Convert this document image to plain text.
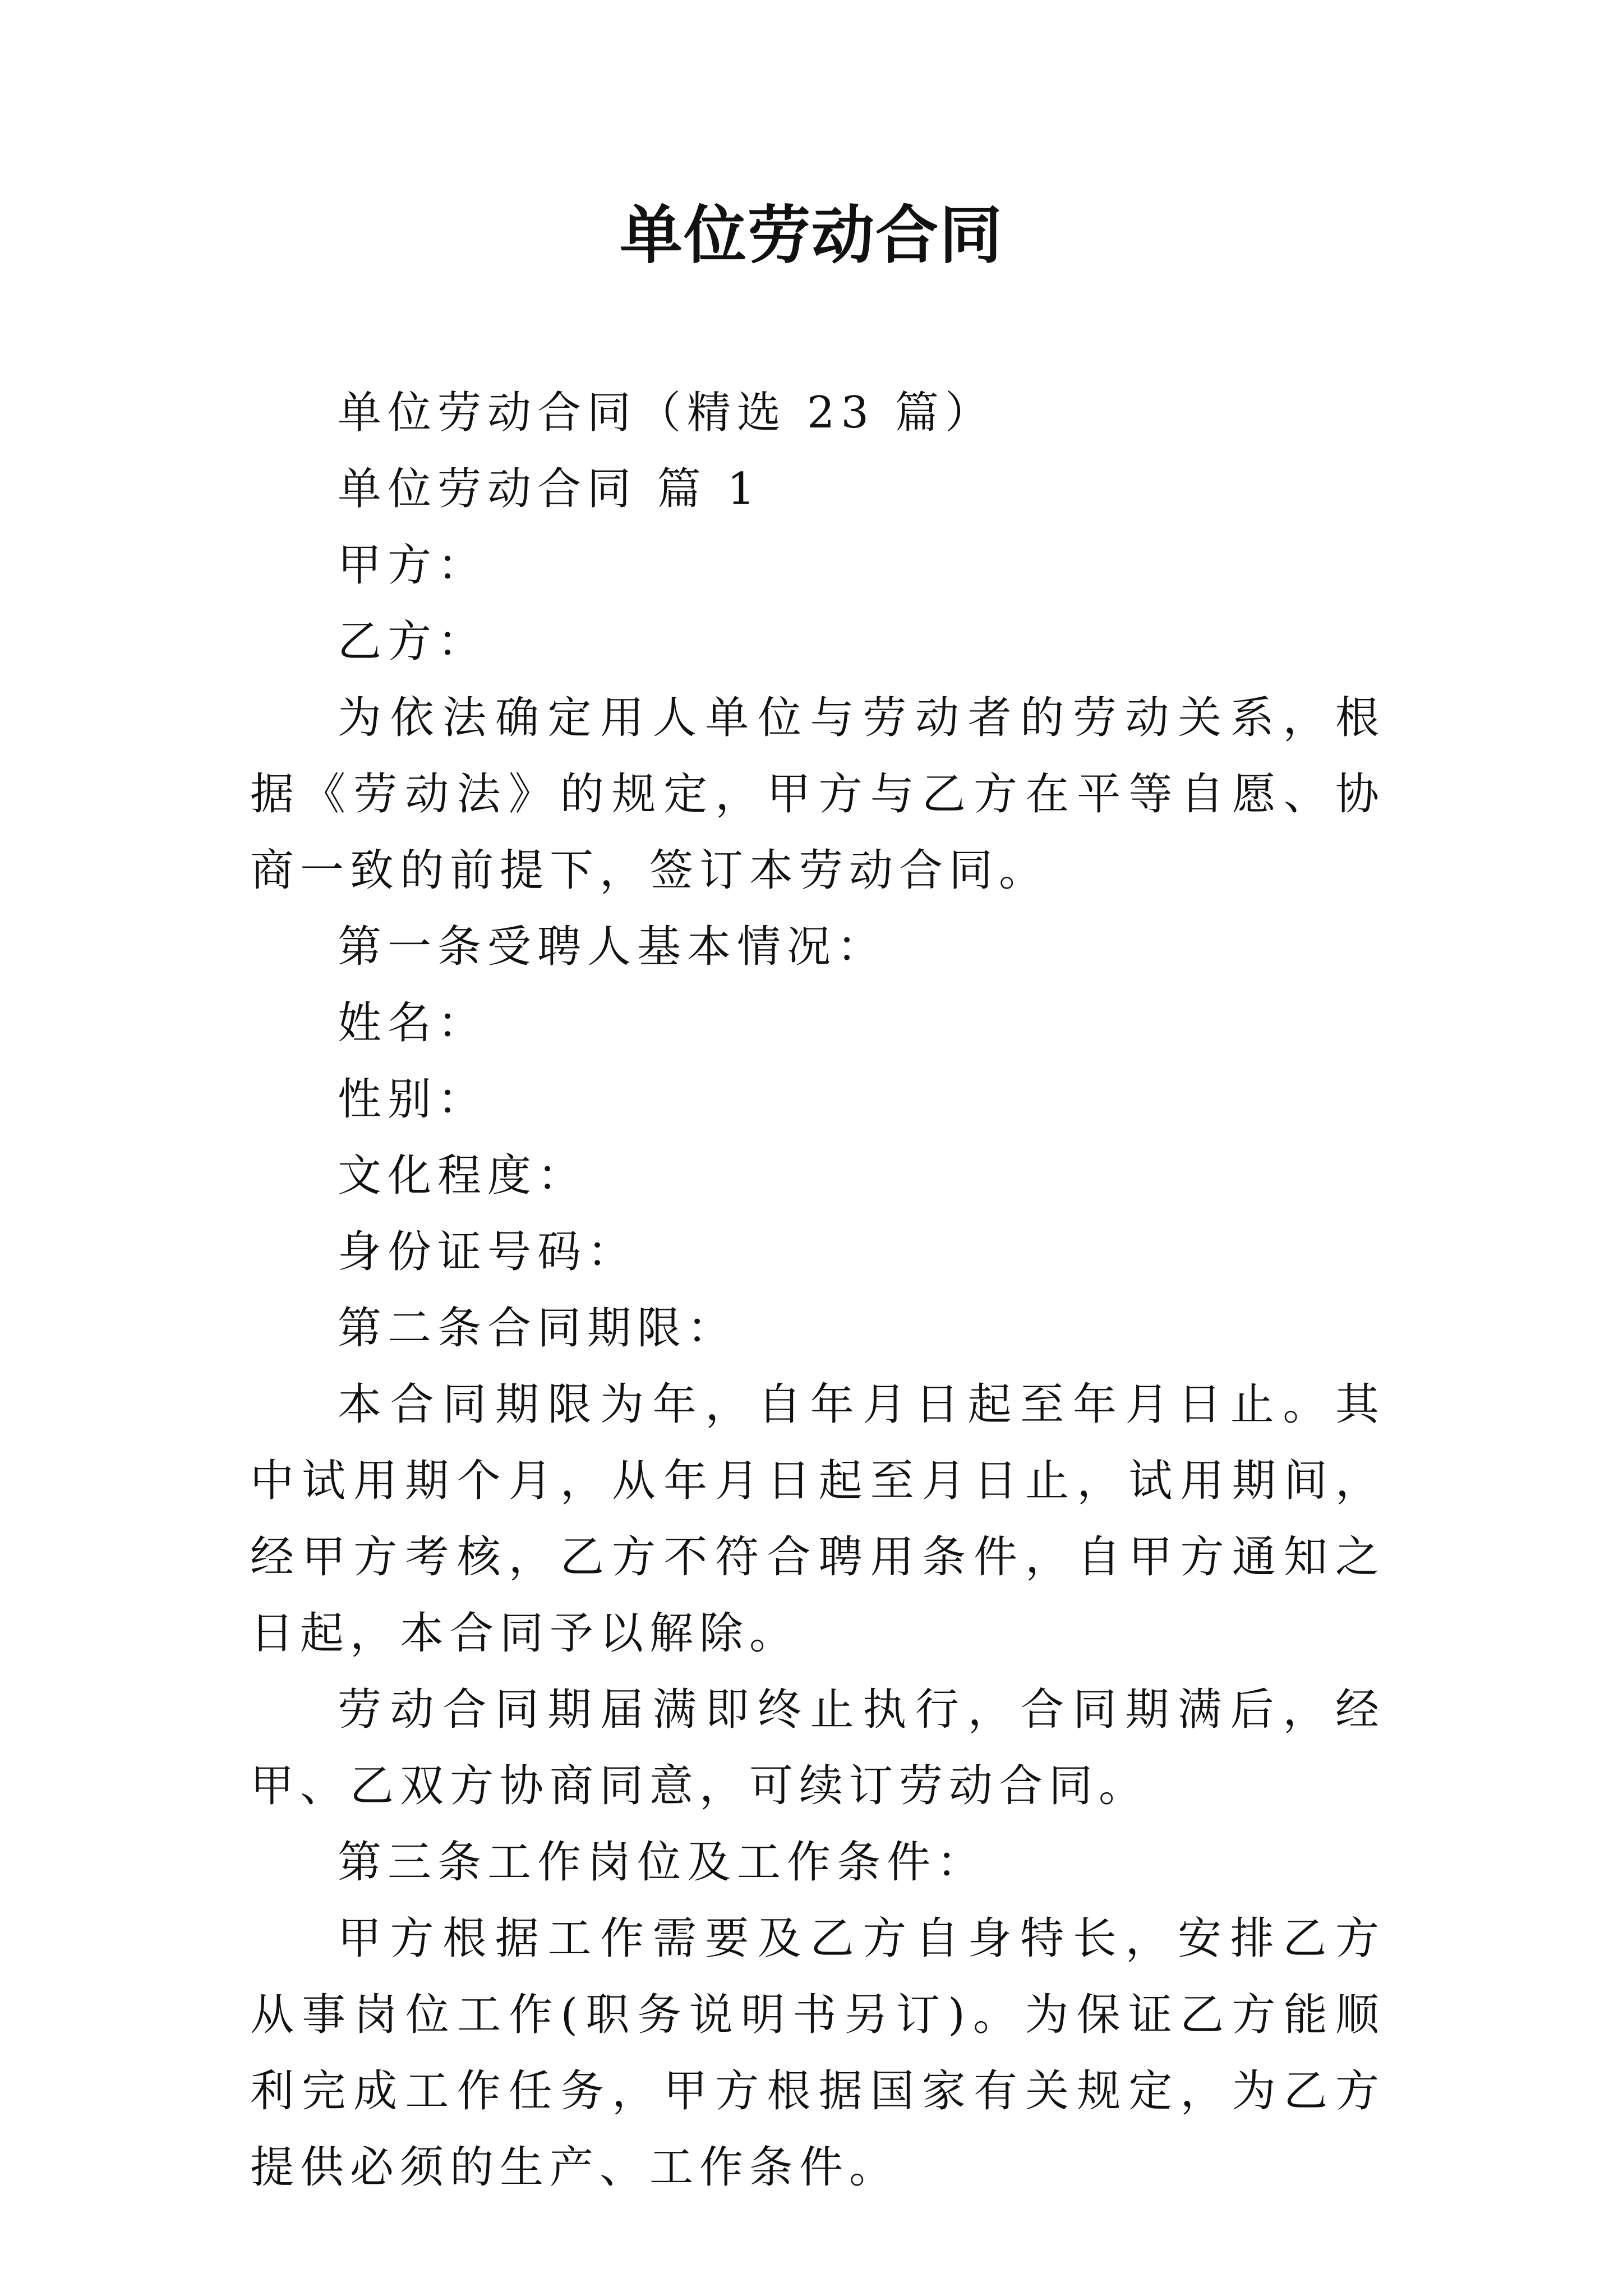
单位劳动合同

单位劳动合同（精选 23 篇）

单位劳动合同 篇 1

甲方：

乙方：

为依法确定用人单位与劳动者的劳动关系，根据《劳动法》的规定，甲方与乙方在平等自愿、协商一致的前提下，签订本劳动合同。

第一条受聘人基本情况：

姓名：

性别：

文化程度：

身份证号码：

第二条合同期限：

本合同期限为年，自年月日起至年月日止。其中试用期个月，从年月日起至月日止，试用期间，经甲方考核，乙方不符合聘用条件，自甲方通知之日起，本合同予以解除。

劳动合同期届满即终止执行，合同期满后，经甲、乙双方协商同意，可续订劳动合同。

第三条工作岗位及工作条件：

甲方根据工作需要及乙方自身特长，安排乙方从事岗位工作(职务说明书另订)。为保证乙方能顺利完成工作任务，甲方根据国家有关规定，为乙方提供必须的生产、工作条件。
